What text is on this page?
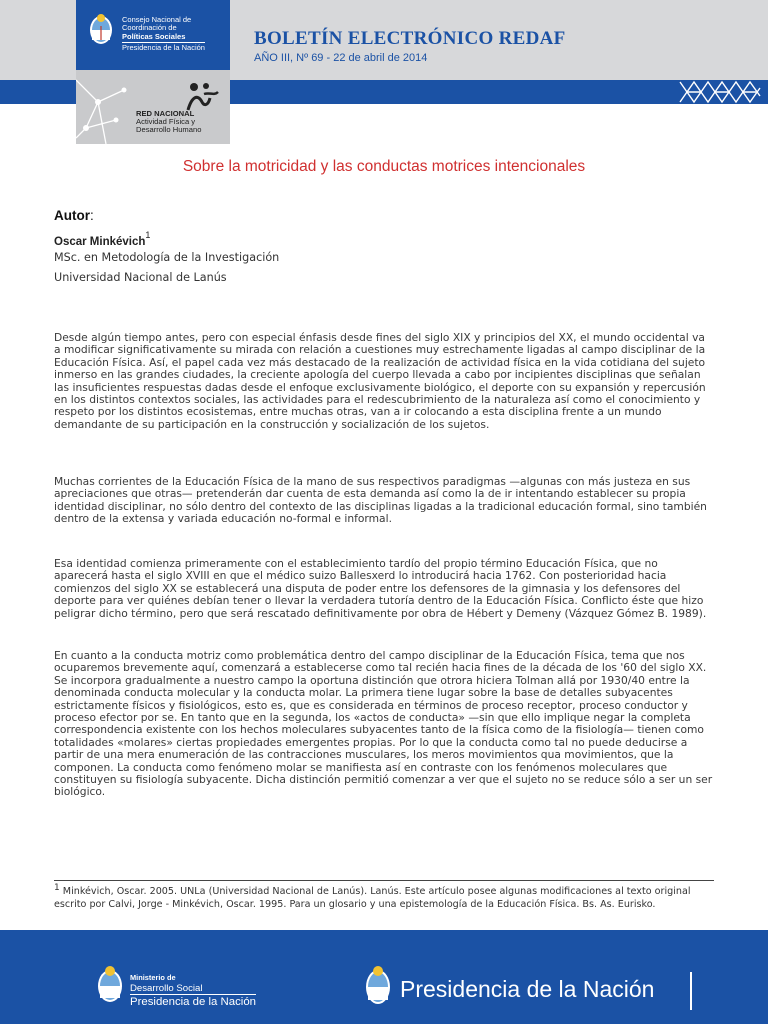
Consejo Nacional de
Coordinación de
Políticas Sociales
Presidencia de la Nación
RED NACIONAL
Actividad Física y
Desarrollo Humano
BOLETÍN ELECTRÓNICO REDAF
AÑO III, Nº 69 - 22 de abril de 2014
Sobre la motricidad y las conductas motrices intencionales
Autor:
Oscar Minkévich$^1$
MSc. en Metodología de la Investigación
Universidad Nacional de Lanús
Desde algún tiempo antes, pero con especial énfasis desde fines del siglo XIX y principios del XX, el mundo occidental va a modificar significativamente su mirada con relación a cuestiones muy estrechamente ligadas al campo disciplinar de la Educación Física. Así, el papel cada vez más destacado de la realización de actividad física en la vida cotidiana del sujeto inmerso en las grandes ciudades, la creciente apología del cuerpo llevada a cabo por incipientes disciplinas que señalan las insuficientes respuestas dadas desde el enfoque exclusivamente biológico, el deporte con su expansión y repercusión en los distintos contextos sociales, las actividades para el redescubrimiento de la naturaleza así como el conocimiento y respeto por los distintos ecosistemas, entre muchas otras, van a ir colocando a esta disciplina frente a un mundo demandante de su participación en la construcción y socialización de los sujetos.
Muchas corrientes de la Educación Física de la mano de sus respectivos paradigmas —algunas con más justeza en sus apreciaciones que otras— pretenderán dar cuenta de esta demanda así como la de ir intentando establecer su propia identidad disciplinar, no sólo dentro del contexto de las disciplinas ligadas a la tradicional educación formal, sino también dentro de la extensa y variada educación no-formal e informal.
Esa identidad comienza primeramente con el establecimiento tardío del propio término Educación Física, que no aparecerá hasta el siglo XVIII en que el médico suizo Ballesxerd lo introducirá hacia 1762. Con posterioridad hacia comienzos del siglo XX se establecerá una disputa de poder entre los defensores de la gimnasia y los defensores del deporte para ver quiénes debían tener o llevar la verdadera tutoría dentro de la Educación Física. Conflicto éste que hizo peligrar dicho término, pero que será rescatado definitivamente por obra de Hébert y Demeny (Vázquez Gómez B. 1989).
En cuanto a la conducta motriz como problemática dentro del campo disciplinar de la Educación Física, tema que nos ocuparemos brevemente aquí, comenzará a establecerse como tal recién hacia fines de la década de los '60 del siglo XX. Se incorpora gradualmente a nuestro campo la oportuna distinción que otrora hiciera Tolman allá por 1930/40 entre la denominada conducta molecular y la conducta molar. La primera tiene lugar sobre la base de detalles subyacentes estrictamente físicos y fisiológicos, esto es, que es considerada en términos de proceso receptor, proceso conductor y proceso efector por se. En tanto que en la segunda, los «actos de conducta» —sin que ello implique negar la completa correspondencia existente con los hechos moleculares subyacentes tanto de la física como de la fisiología— tienen como totalidades «molares» ciertas propiedades emergentes propias. Por lo que la conducta como tal no puede deducirse a partir de una mera enumeración de las contracciones musculares, los meros movimientos qua movimientos, que la componen. La conducta como fenómeno molar se manifiesta así en contraste con los fenómenos moleculares que constituyen su fisiología subyacente. Dicha distinción permitió comenzar a ver que el sujeto no se reduce sólo a ser un ser biológico.
$^1$ Minkévich, Oscar. 2005. UNLa (Universidad Nacional de Lanús). Lanús. Este artículo posee algunas modificaciones al texto original escrito por Calvi, Jorge - Minkévich, Oscar. 1995. Para un glosario y una epistemología de la Educación Física. Bs. As. Eurisko.
Ministerio de
Desarrollo Social
Presidencia de la Nación	Presidencia de la Nación
